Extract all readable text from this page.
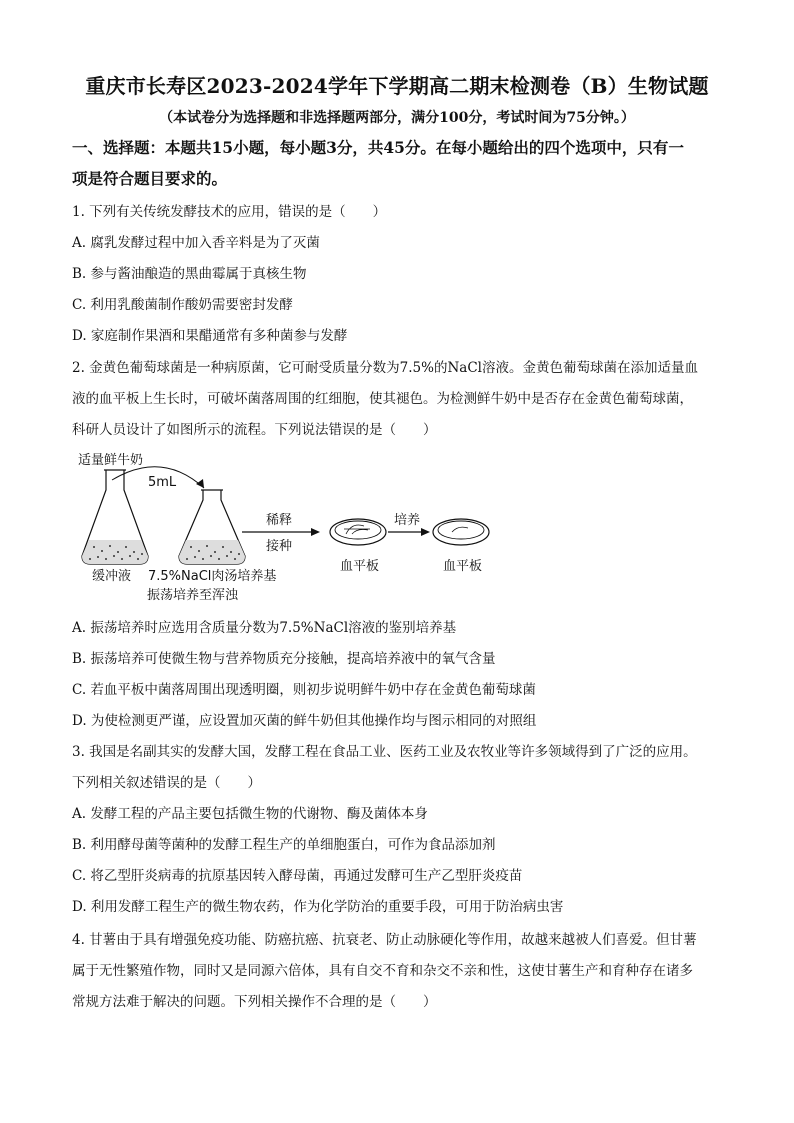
重庆市长寿区2023-2024学年下学期高二期末检测卷（B）生物试题
（本试卷分为选择题和非选择题两部分，满分100分，考试时间为75分钟。）
一、选择题：本题共15小题，每小题3分，共45分。在每小题给出的四个选项中，只有一
项是符合题目要求的。
1. 下列有关传统发酵技术的应用，错误的是（　　）
A. 腐乳发酵过程中加入香辛料是为了灭菌
B. 参与酱油酿造的黑曲霉属于真核生物
C. 利用乳酸菌制作酸奶需要密封发酵
D. 家庭制作果酒和果醋通常有多种菌参与发酵
2. 金黄色葡萄球菌是一种病原菌，它可耐受质量分数为7.5%的NaCl溶液。金黄色葡萄球菌在添加适量血
液的血平板上生长时，可破坏菌落周围的红细胞，使其褪色。为检测鲜牛奶中是否存在金黄色葡萄球菌，
科研人员设计了如图所示的流程。下列说法错误的是（　　）
适量鲜牛奶
5mL
稀释
接种
培养
血平板	血平板
缓冲液 7.5%NaCl肉汤培养基
振荡培养至浑浊
A. 振荡培养时应选用含质量分数为7.5%NaCl溶液的鉴别培养基
B. 振荡培养可使微生物与营养物质充分接触，提高培养液中的氧气含量
C. 若血平板中菌落周围出现透明圈，则初步说明鲜牛奶中存在金黄色葡萄球菌
D. 为使检测更严谨，应设置加灭菌的鲜牛奶但其他操作均与图示相同的对照组
3. 我国是名副其实的发酵大国，发酵工程在食品工业、医药工业及农牧业等许多领域得到了广泛的应用。
下列相关叙述错误的是（　　）
A. 发酵工程的产品主要包括微生物的代谢物、酶及菌体本身
B. 利用酵母菌等菌种的发酵工程生产的单细胞蛋白，可作为食品添加剂
C. 将乙型肝炎病毒的抗原基因转入酵母菌，再通过发酵可生产乙型肝炎疫苗
D. 利用发酵工程生产的微生物农药，作为化学防治的重要手段，可用于防治病虫害
4. 甘薯由于具有增强免疫功能、防癌抗癌、抗衰老、防止动脉硬化等作用，故越来越被人们喜爱。但甘薯
属于无性繁殖作物，同时又是同源六倍体，具有自交不育和杂交不亲和性，这使甘薯生产和育种存在诸多
常规方法难于解决的问题。下列相关操作不合理的是（　　）
